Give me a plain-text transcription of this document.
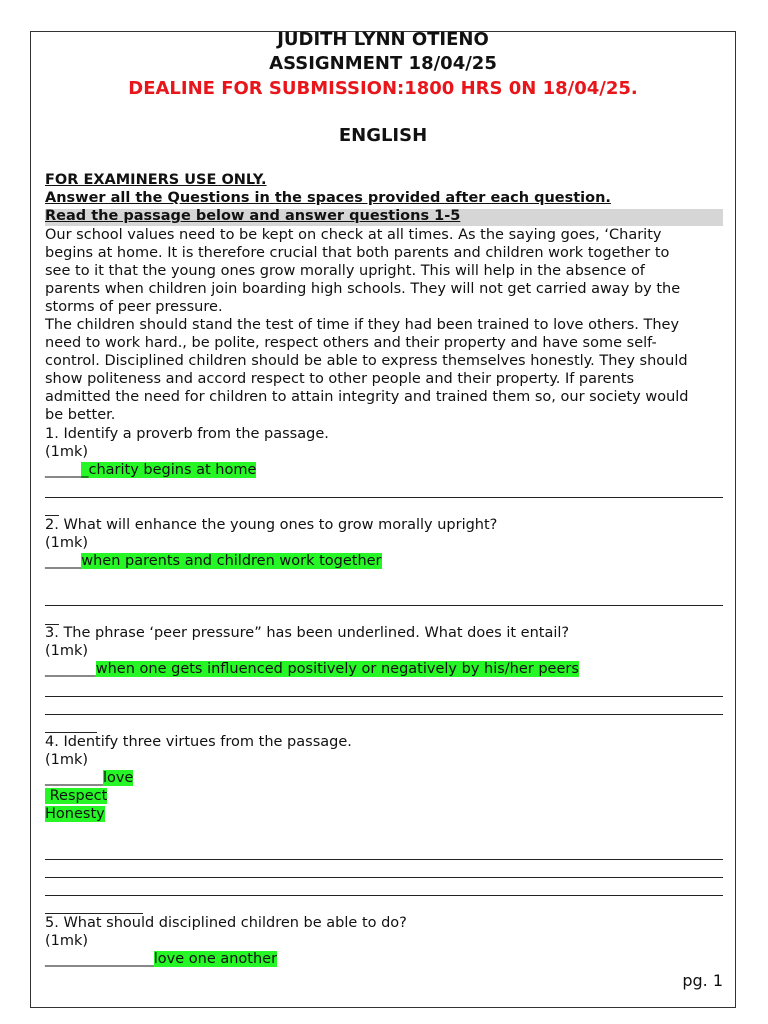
JUDITH LYNN OTIENO
ASSIGNMENT 18/04/25
DEALINE FOR SUBMISSION:1800 HRS 0N 18/04/25.
ENGLISH
FOR EXAMINERS USE ONLY.
Answer all the Questions in the spaces provided after each question.
Read the passage below and answer questions 1-5
Our school values need to be kept on check at all times. As the saying goes, ‘Charity
begins at home. It is therefore crucial that both parents and children work together to
see to it that the young ones grow morally upright. This will help in the absence of
parents when children join boarding high schools. They will not get carried away by the
storms of peer pressure.
The children should stand the test of time if they had been trained to love others. They
need to work hard., be polite, respect others and their property and have some self-
control. Disciplined children should be able to express themselves honestly. They should
show politeness and accord respect to other people and their property. If parents
admitted the need for children to attain integrity and trained them so, our society would
be better.
1. Identify a proverb from the passage.
(1mk)
______charity begins at home
2. What will enhance the young ones to grow morally upright?
(1mk)
_____when parents and children work together
3. The phrase ‘peer pressure” has been underlined. What does it entail?
(1mk)
_______when one gets influenced positively or negatively by his/her peers
4. Identify three virtues from the passage.
(1mk)
________love
Respect
Honesty
5. What should disciplined children be able to do?
(1mk)
_______________love one another
pg. 1
